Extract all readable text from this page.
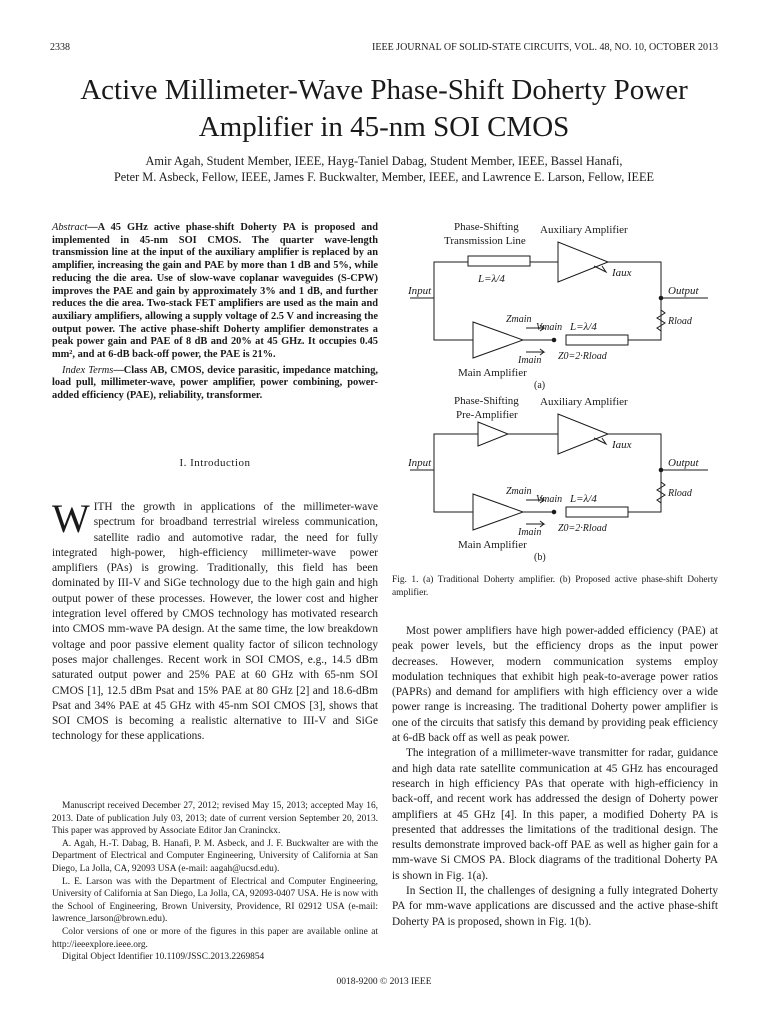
2338	IEEE JOURNAL OF SOLID-STATE CIRCUITS, VOL. 48, NO. 10, OCTOBER 2013
Active Millimeter-Wave Phase-Shift Doherty Power
Amplifier in 45-nm SOI CMOS
Amir Agah, Student Member, IEEE, Hayg-Taniel Dabag, Student Member, IEEE, Bassel Hanafi,
Peter M. Asbeck, Fellow, IEEE, James F. Buckwalter, Member, IEEE, and Lawrence E. Larson, Fellow, IEEE

Abstract—A 45 GHz active phase-shift Doherty PA is proposed and implemented in 45-nm SOI CMOS. The quarter wave-length transmission line at the input of the auxiliary amplifier is replaced by an amplifier, increasing the gain and PAE by more than 1 dB and 5%, while reducing the die area. Use of slow-wave coplanar waveguides (S-CPW) improves the PAE and gain by approximately 3% and 1 dB, and further reduces the die area. Two-stack FET amplifiers are used as the main and auxiliary amplifiers, allowing a supply voltage of 2.5 V and increasing the output power. The active phase-shift Doherty amplifier demonstrates a peak power gain and PAE of 8 dB and 20% at 45 GHz. It occupies 0.45 mm², and at 6-dB back-off power, the PAE is 21%.

Index Terms—Class AB, CMOS, device parasitic, impedance matching, load pull, millimeter-wave, power amplifier, power combining, power-added efficiency (PAE), reliability, transformer.

I. Introduction

WITH the growth in applications of the millimeter-wave spectrum for broadband terrestrial wireless communication, satellite radio and automotive radar, the need for fully integrated high-power, high-efficiency millimeter-wave power amplifiers (PAs) is growing. Traditionally, this field has been dominated by III-V and SiGe technology due to the high gain and high output power of these processes. However, the lower cost and higher integration level offered by CMOS technology has motivated research into CMOS mm-wave PA design. At the same time, the low breakdown voltage and poor passive element quality factor of silicon technology poses major challenges. Recent work in SOI CMOS, e.g., 14.5 dBm saturated output power and 25% PAE at 60 GHz with 65-nm SOI CMOS [1], 12.5 dBm Psat and 15% PAE at 80 GHz [2] and 18.6-dBm Psat and 34% PAE at 45 GHz with 45-nm SOI CMOS [3], shows that SOI CMOS is becoming a realistic alternative to III-V and SiGe technology for these applications.

Manuscript received December 27, 2012; revised May 15, 2013; accepted May 16, 2013. Date of publication July 03, 2013; date of current version September 20, 2013. This paper was approved by Associate Editor Jan Craninckx.

A. Agah, H.-T. Dabag, B. Hanafi, P. M. Asbeck, and J. F. Buckwalter are with the Department of Electrical and Computer Engineering, University of California at San Diego, La Jolla, CA, 92093 USA (e-mail: aagah@ucsd.edu).

L. E. Larson was with the Department of Electrical and Computer Engineering, University of California at San Diego, La Jolla, CA, 92093-0407 USA. He is now with the School of Engineering, Brown University, Providence, RI 02912 USA (e-mail: lawrence_larson@brown.edu).

Color versions of one or more of the figures in this paper are available online at http://ieeexplore.ieee.org.

Digital Object Identifier 10.1109/JSSC.2013.2269854

Phase-Shifting
Transmission Line
Auxiliary Amplifier
L=λ/4	Iaux
Input	Output
Zmain
Vmain L=λ/4
Imain Z0=2·Rload
Rload
Main Amplifier
(a)
Phase-Shifting
Pre-Amplifier
Auxiliary Amplifier
Iaux
Input	Output
Zmain
Vmain L=λ/4
Imain Z0=2·Rload
Rload
Main Amplifier
(b)
Fig. 1. (a) Traditional Doherty amplifier. (b) Proposed active phase-shift Doherty amplifier.

Most power amplifiers have high power-added efficiency (PAE) at peak power levels, but the efficiency drops as the input power decreases. However, modern communication systems employ modulation techniques that exhibit high peak-to-average power ratios (PAPRs) and demand for amplifiers with high efficiency over a wide power range is increasing. The traditional Doherty power amplifier is one of the circuits that satisfy this demand by providing peak efficiency at 6-dB back off as well as peak power.

The integration of a millimeter-wave transmitter for radar, guidance and high data rate satellite communication at 45 GHz has encouraged research in high efficiency PAs that operate with high-efficiency in back-off, and recent work has addressed the design of Doherty power amplifiers at 45 GHz [4]. In this paper, a modified Doherty PA is presented that addresses the limitations of the traditional design. The results demonstrate improved back-off PAE as well as higher gain for a mm-wave Si CMOS PA. Block diagrams of the traditional Doherty PA is shown in Fig. 1(a).

In Section II, the challenges of designing a fully integrated Doherty PA for mm-wave applications are discussed and the active phase-shift Doherty PA is proposed, shown in Fig. 1(b).

0018-9200 © 2013 IEEE
